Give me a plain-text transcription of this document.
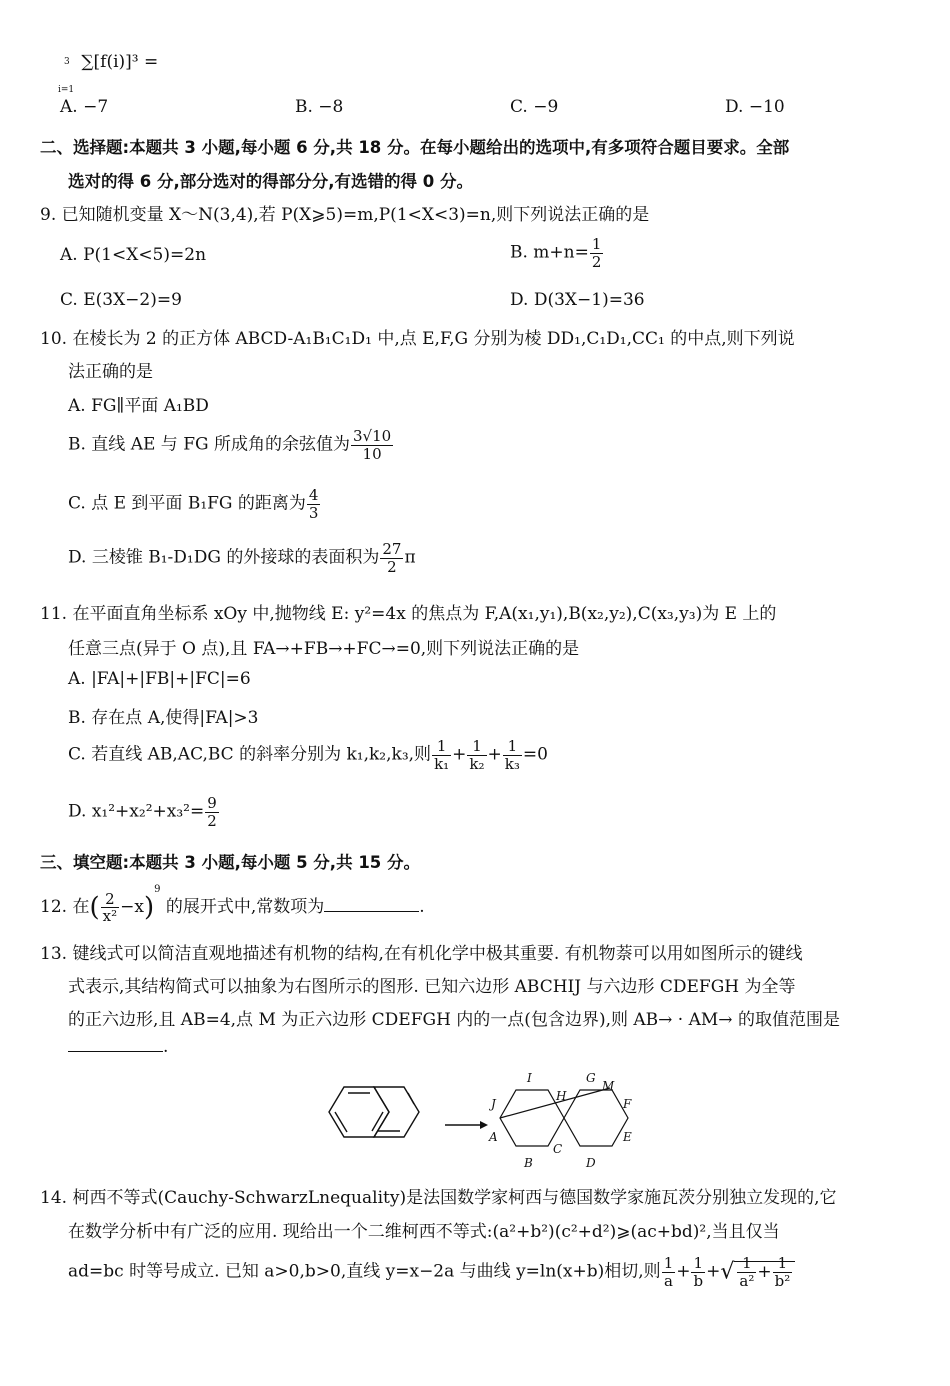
3
i=1
∑[f(i)]³ =
A. −7	B. −8	C. −9	D. −10
二、选择题:本题共 3 小题,每小题 6 分,共 18 分。在每小题给出的选项中,有多项符合题目要求。全部
选对的得 6 分,部分选对的得部分分,有选错的得 0 分。
9. 已知随机变量 X～N(3,4),若 P(X⩾5)=m,P(1<X<3)=n,则下列说法正确的是
A. P(1<X<5)=2n	B. $m+n= \frac{1}{2}$
C. E(3X−2)=9	D. D(3X−1)=36
10. 在棱长为 2 的正方体 ABCD-A₁B₁C₁D₁ 中,点 E,F,G 分别为棱 DD₁,C₁D₁,CC₁ 的中点,则下列说
法正确的是
A. FG∥平面 A₁BD
B. 直线 AE 与 FG 所成角的余弦值为 $\frac{3√10}{10}$
C. 点 E 到平面 B₁FG 的距离为 $\frac{4}{3}$
D. 三棱锥 B₁-D₁DG 的外接球的表面积为 $\frac{27}{2}$ π
11. 在平面直角坐标系 xOy 中,抛物线 E: y²=4x 的焦点为 F,A(x₁,y₁),B(x₂,y₂),C(x₃,y₃)为 E 上的
任意三点(异于 O 点),且 FA→+FB→+FC→=0,则下列说法正确的是
A. |FA|+|FB|+|FC|=6
B. 存在点 A,使得|FA|>3
C. 若直线 AB,AC,BC 的斜率分别为 k₁,k₂,k₃,则 $\frac{1}{\text{k₁}} + \frac{1}{\text{k₂}} + \frac{1}{\text{k₃}} =0$
D. $x_1^2+x_2^2+x_3^2= \frac{9}{2}$
三、填空题:本题共 3 小题,每小题 5 分,共 15 分。
12. 在( $\frac{2}{\text{x²}} -x)^9$ 的展开式中,常数项为	.
13. 键线式可以简洁直观地描述有机物的结构,在有机化学中极其重要. 有机物萘可以用如图所示的键线
式表示,其结构简式可以抽象为右图所示的图形. 已知六边形 ABCHIJ 与六边形 CDEFGH 为全等
的正六边形,且 AB=4,点 M 为正六边形 CDEFGH 内的一点(包含边界),则 AB→ · AM→ 的取值范围是
.
I
H
G
M
J	F
A
C
E
B	D
14. 柯西不等式(Cauchy-SchwarzLnequality)是法国数学家柯西与德国数学家施瓦茨分别独立发现的,它
在数学分析中有广泛的应用. 现给出一个二维柯西不等式:(a²+b²)(c²+d²)⩾(ac+bd)²,当且仅当
ad=bc 时等号成立. 已知 a>0,b>0,直线 y=x−2a 与曲线 y=ln(x+b)相切,则 $\frac{1}{a} + \frac{1}{b}$ +√ $\frac{1}{\text{a²}} + \frac{1}{\text{b²}}$
